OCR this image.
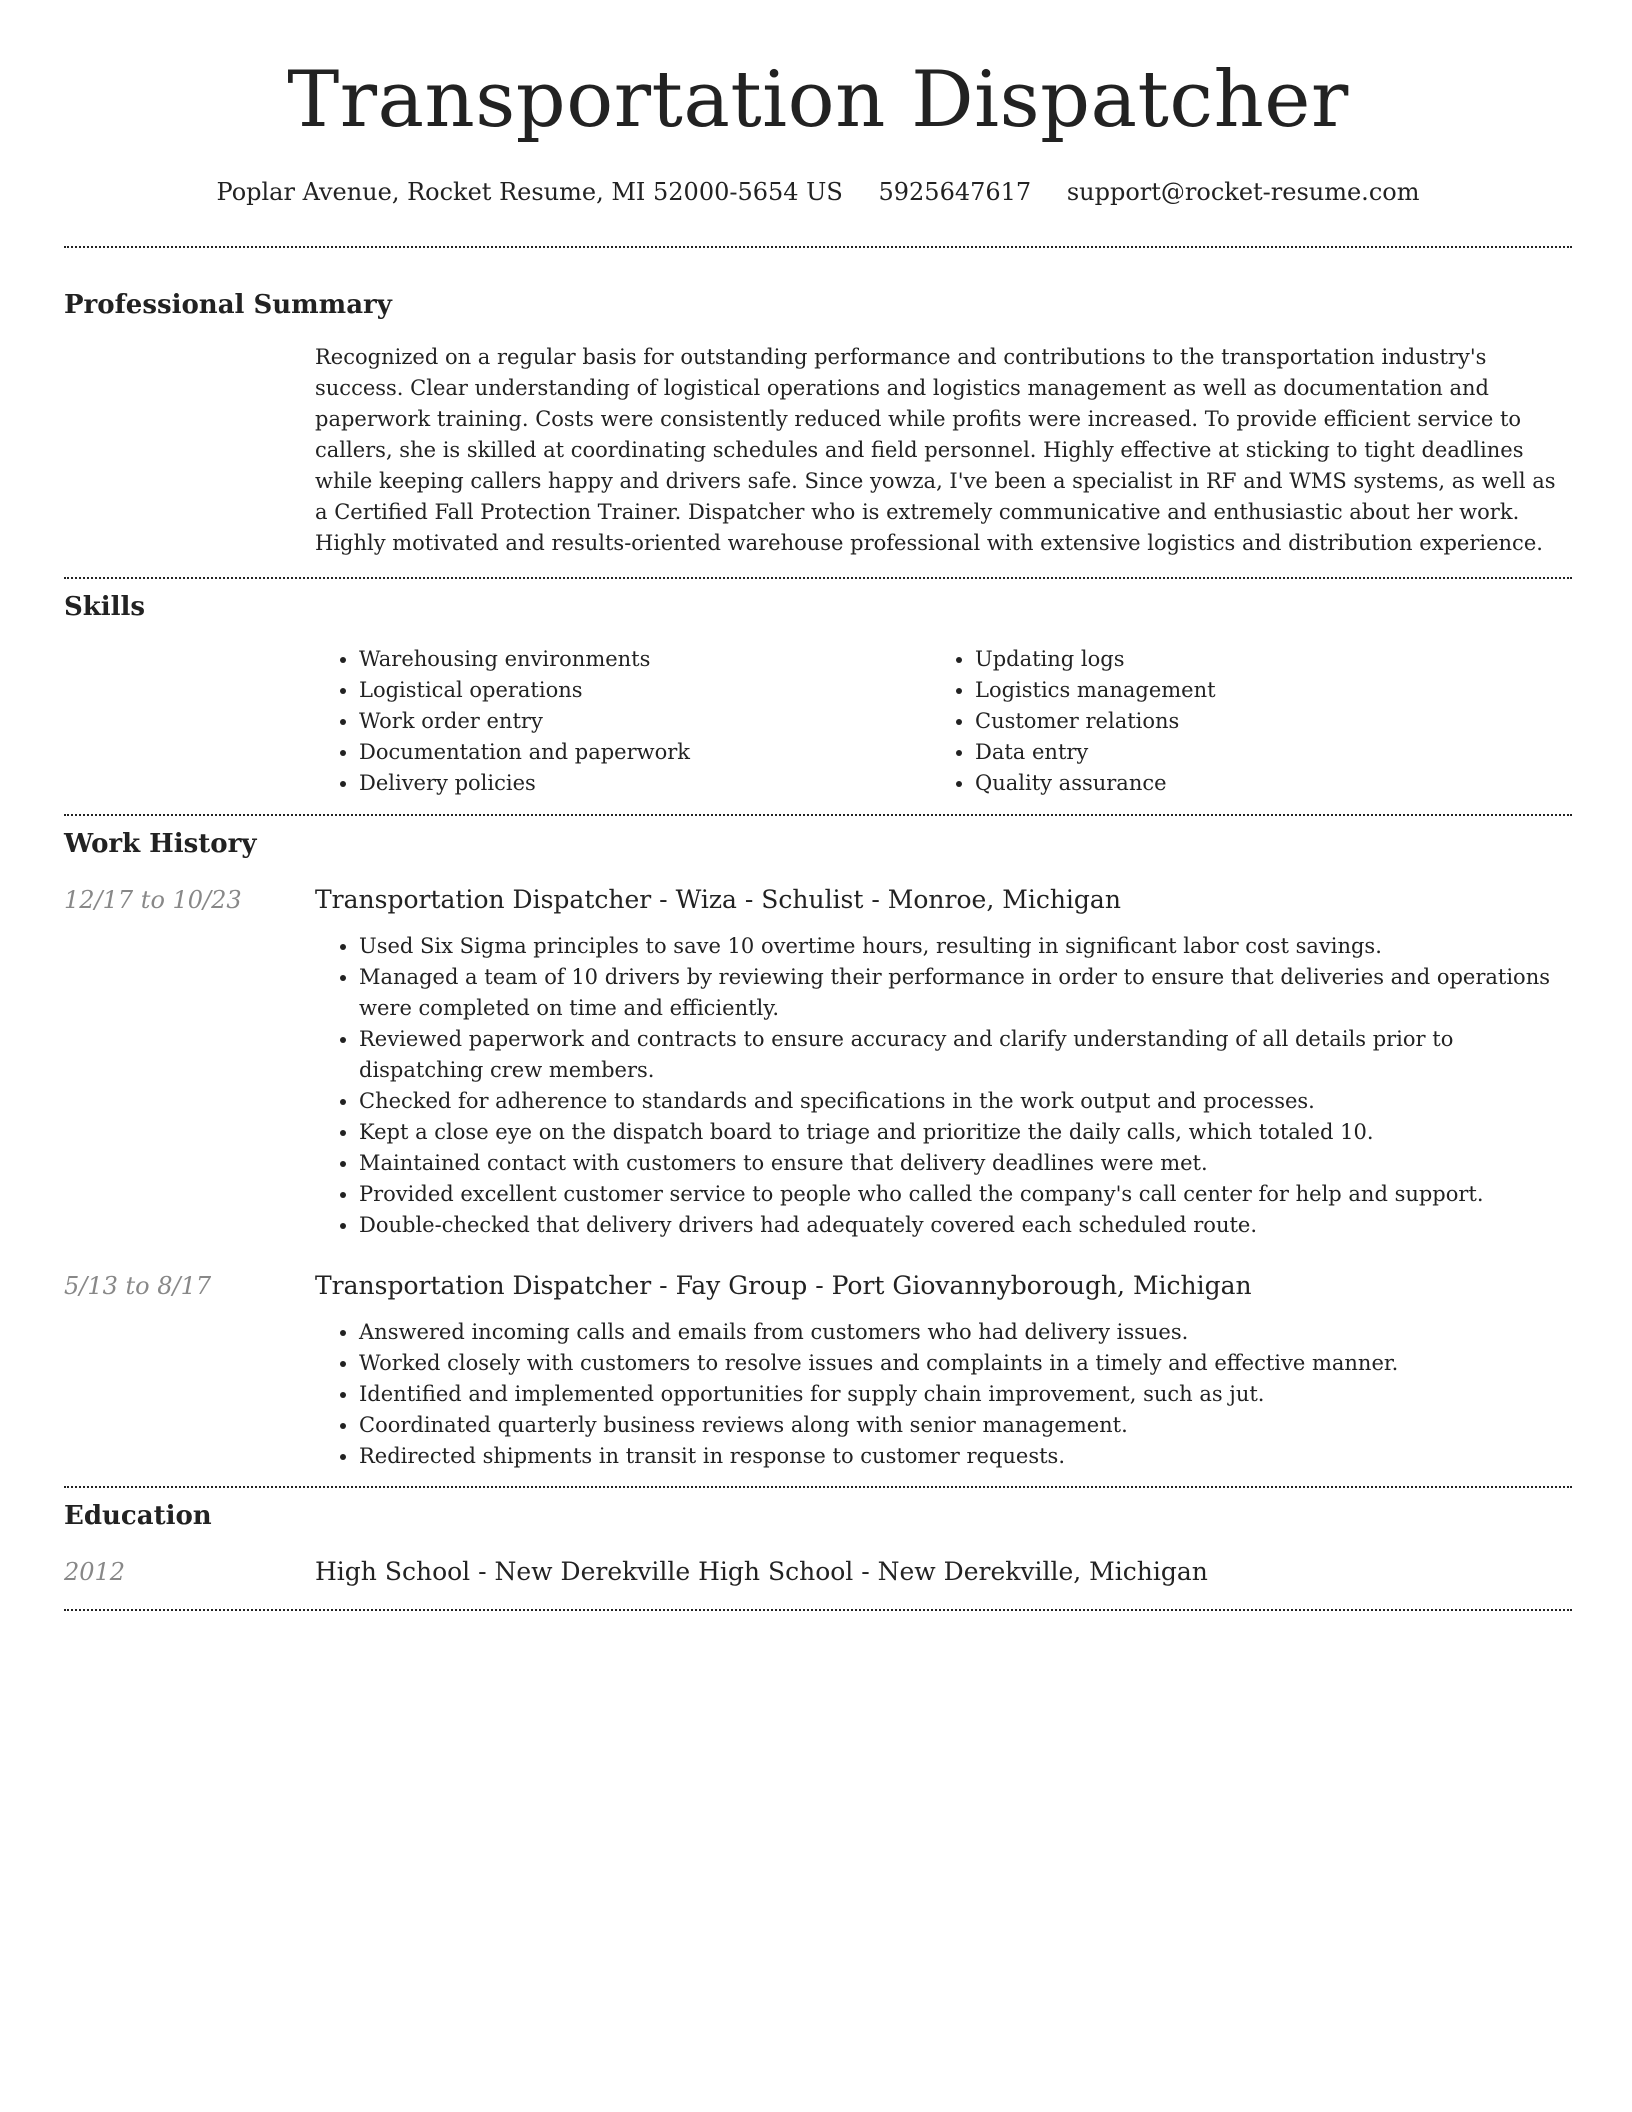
Transportation Dispatcher
Poplar Avenue, Rocket Resume, MI 52000-5654 US 5925647617 support@rocket-resume.com
Professional Summary

Recognized on a regular basis for outstanding performance and contributions to the transportation industry's success. Clear understanding of logistical operations and logistics management as well as documentation and paperwork training. Costs were consistently reduced while profits were increased. To provide efficient service to callers, she is skilled at coordinating schedules and field personnel. Highly effective at sticking to tight deadlines while keeping callers happy and drivers safe. Since yowza, I've been a specialist in RF and WMS systems, as well as a Certified Fall Protection Trainer. Dispatcher who is extremely communicative and enthusiastic about her work. Highly motivated and results-oriented warehouse professional with extensive logistics and distribution experience.

Skills
• Warehousing environments
• Logistical operations
• Work order entry
• Documentation and paperwork
• Delivery policies
• Updating logs
• Logistics management
• Customer relations
• Data entry
• Quality assurance
Work History
12/17 to 10/23	Transportation Dispatcher - Wiza - Schulist - Monroe, Michigan
• Used Six Sigma principles to save 10 overtime hours, resulting in significant labor cost savings.
• Managed a team of 10 drivers by reviewing their performance in order to ensure that deliveries and operations were completed on time and efficiently.
• Reviewed paperwork and contracts to ensure accuracy and clarify understanding of all details prior to dispatching crew members.
• Checked for adherence to standards and specifications in the work output and processes.
• Kept a close eye on the dispatch board to triage and prioritize the daily calls, which totaled 10.
• Maintained contact with customers to ensure that delivery deadlines were met.
• Provided excellent customer service to people who called the company's call center for help and support.
• Double-checked that delivery drivers had adequately covered each scheduled route.
5/13 to 8/17	Transportation Dispatcher - Fay Group - Port Giovannyborough, Michigan
• Answered incoming calls and emails from customers who had delivery issues.
• Worked closely with customers to resolve issues and complaints in a timely and effective manner.
• Identified and implemented opportunities for supply chain improvement, such as jut.
• Coordinated quarterly business reviews along with senior management.
• Redirected shipments in transit in response to customer requests.
Education
2012	High School - New Derekville High School - New Derekville, Michigan
